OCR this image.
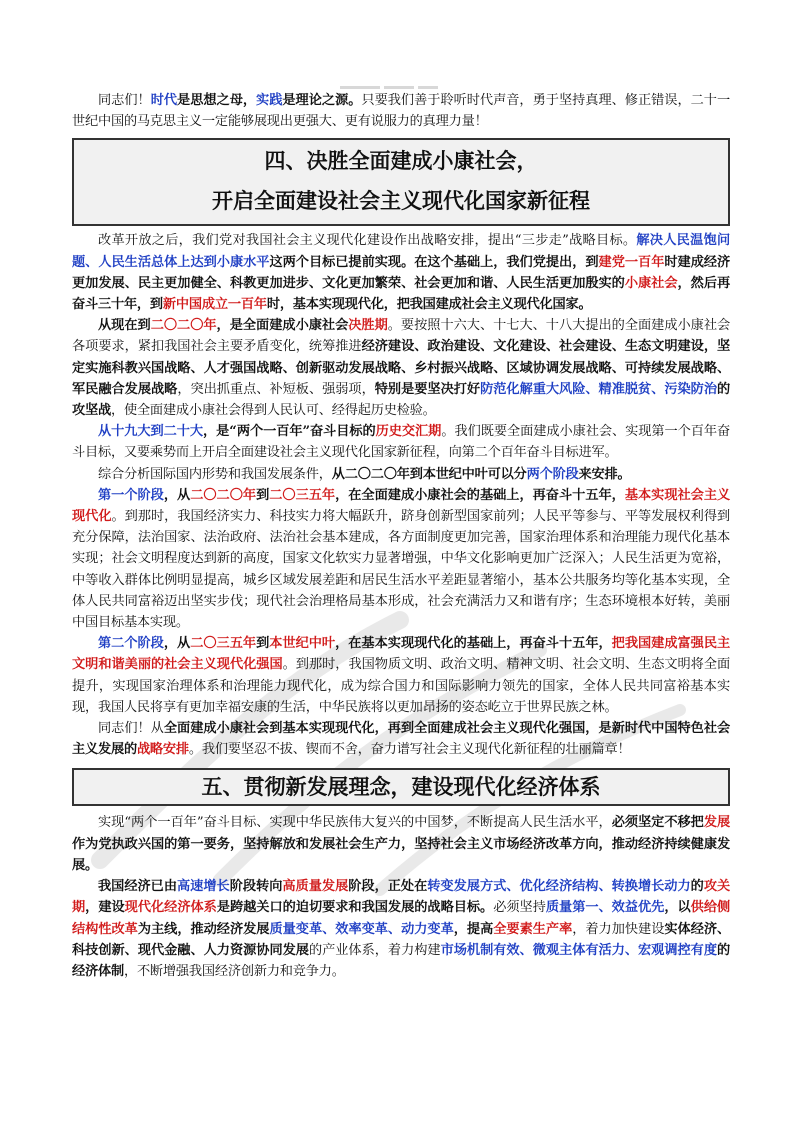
同志们！时代是思想之母，实践是理论之源。只要我们善于聆听时代声音，勇于坚持真理、修正错误，二十一世纪中国的马克思主义一定能够展现出更强大、更有说服力的真理力量！

四、决胜全面建成小康社会，
开启全面建设社会主义现代化国家新征程

改革开放之后，我们党对我国社会主义现代化建设作出战略安排，提出“三步走”战略目标。解决人民温饱问题、人民生活总体上达到小康水平这两个目标已提前实现。在这个基础上，我们党提出，到建党一百年时建成经济更加发展、民主更加健全、科教更加进步、文化更加繁荣、社会更加和谐、人民生活更加殷实的小康社会，然后再奋斗三十年，到新中国成立一百年时，基本实现现代化，把我国建成社会主义现代化国家。

从现在到二〇二〇年，是全面建成小康社会决胜期。要按照十六大、十七大、十八大提出的全面建成小康社会各项要求，紧扣我国社会主要矛盾变化，统筹推进经济建设、政治建设、文化建设、社会建设、生态文明建设，坚定实施科教兴国战略、人才强国战略、创新驱动发展战略、乡村振兴战略、区域协调发展战略、可持续发展战略、军民融合发展战略，突出抓重点、补短板、强弱项，特别是要坚决打好防范化解重大风险、精准脱贫、污染防治的攻坚战，使全面建成小康社会得到人民认可、经得起历史检验。

从十九大到二十大，是“两个一百年”奋斗目标的历史交汇期。我们既要全面建成小康社会、实现第一个百年奋斗目标，又要乘势而上开启全面建设社会主义现代化国家新征程，向第二个百年奋斗目标进军。

综合分析国际国内形势和我国发展条件，从二〇二〇年到本世纪中叶可以分两个阶段来安排。

第一个阶段，从二〇二〇年到二〇三五年，在全面建成小康社会的基础上，再奋斗十五年，基本实现社会主义现代化。到那时，我国经济实力、科技实力将大幅跃升，跻身创新型国家前列；人民平等参与、平等发展权利得到充分保障，法治国家、法治政府、法治社会基本建成，各方面制度更加完善，国家治理体系和治理能力现代化基本实现；社会文明程度达到新的高度，国家文化软实力显著增强，中华文化影响更加广泛深入；人民生活更为宽裕，中等收入群体比例明显提高，城乡区域发展差距和居民生活水平差距显著缩小，基本公共服务均等化基本实现，全体人民共同富裕迈出坚实步伐；现代社会治理格局基本形成，社会充满活力又和谐有序；生态环境根本好转，美丽中国目标基本实现。

第二个阶段，从二〇三五年到本世纪中叶，在基本实现现代化的基础上，再奋斗十五年，把我国建成富强民主文明和谐美丽的社会主义现代化强国。到那时，我国物质文明、政治文明、精神文明、社会文明、生态文明将全面提升，实现国家治理体系和治理能力现代化，成为综合国力和国际影响力领先的国家，全体人民共同富裕基本实现，我国人民将享有更加幸福安康的生活，中华民族将以更加昂扬的姿态屹立于世界民族之林。

同志们！从全面建成小康社会到基本实现现代化，再到全面建成社会主义现代化强国，是新时代中国特色社会主义发展的战略安排。我们要坚忍不拔、锲而不舍，奋力谱写社会主义现代化新征程的壮丽篇章！

五、贯彻新发展理念，建设现代化经济体系

实现“两个一百年”奋斗目标、实现中华民族伟大复兴的中国梦，不断提高人民生活水平，必须坚定不移把发展作为党执政兴国的第一要务，坚持解放和发展社会生产力，坚持社会主义市场经济改革方向，推动经济持续健康发展。

我国经济已由高速增长阶段转向高质量发展阶段，正处在转变发展方式、优化经济结构、转换增长动力的攻关期，建设现代化经济体系是跨越关口的迫切要求和我国发展的战略目标。必须坚持质量第一、效益优先，以供给侧结构性改革为主线，推动经济发展质量变革、效率变革、动力变革，提高全要素生产率，着力加快建设实体经济、科技创新、现代金融、人力资源协同发展的产业体系，着力构建市场机制有效、微观主体有活力、宏观调控有度的经济体制，不断增强我国经济创新力和竞争力。
